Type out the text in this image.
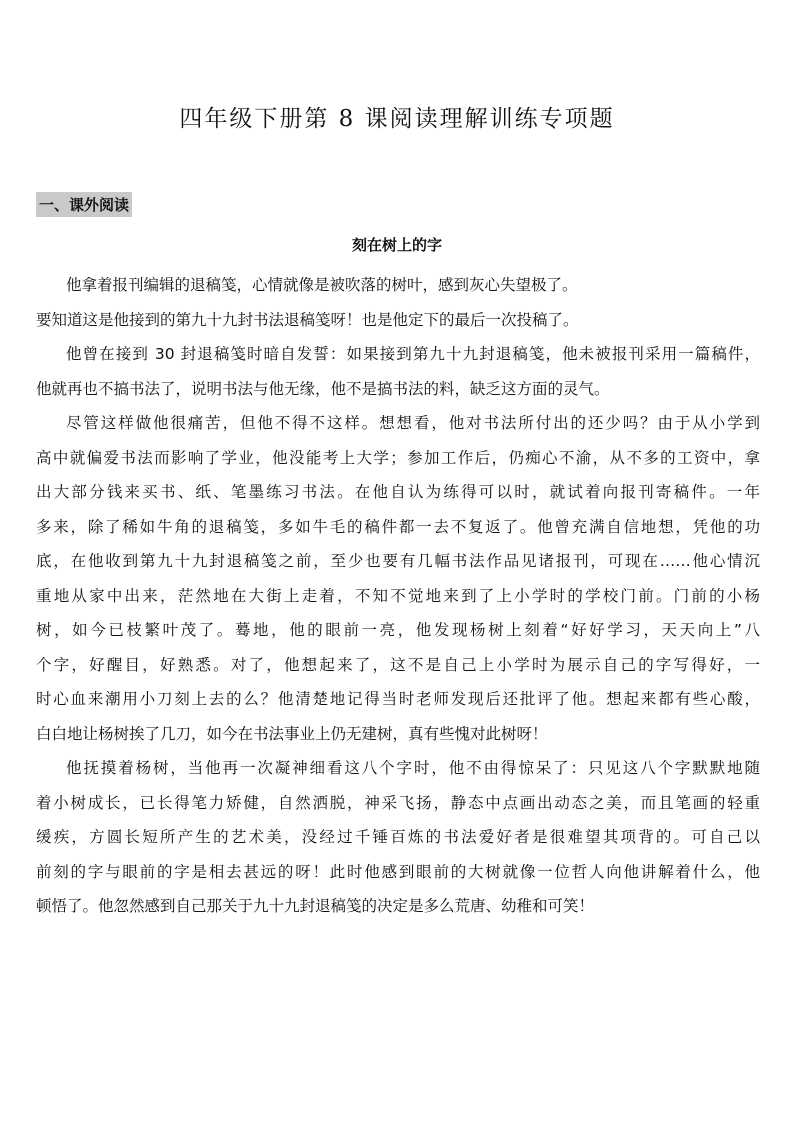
四年级下册第 8 课阅读理解训练专项题
一、课外阅读
刻在树上的字
他拿着报刊编辑的退稿笺，心情就像是被吹落的树叶，感到灰心失望极了。
要知道这是他接到的第九十九封书法退稿笺呀！也是他定下的最后一次投稿了。
他曾在接到 30 封退稿笺时暗自发誓：如果接到第九十九封退稿笺，他未被报刊采用一篇稿件，
他就再也不搞书法了，说明书法与他无缘，他不是搞书法的料，缺乏这方面的灵气。
尽管这样做他很痛苦，但他不得不这样。想想看，他对书法所付出的还少吗？由于从小学到
高中就偏爱书法而影响了学业，他没能考上大学；参加工作后，仍痴心不渝，从不多的工资中，拿
出大部分钱来买书、纸、笔墨练习书法。在他自认为练得可以时，就试着向报刊寄稿件。一年
多来，除了稀如牛角的退稿笺，多如牛毛的稿件都一去不复返了。他曾充满自信地想，凭他的功
底，在他收到第九十九封退稿笺之前，至少也要有几幅书法作品见诸报刊，可现在……他心情沉
重地从家中出来，茫然地在大街上走着，不知不觉地来到了上小学时的学校门前。门前的小杨
树，如今已枝繁叶茂了。蓦地，他的眼前一亮，他发现杨树上刻着“好好学习，天天向上”八
个字，好醒目，好熟悉。对了，他想起来了，这不是自己上小学时为展示自己的字写得好，一
时心血来潮用小刀刻上去的么？他清楚地记得当时老师发现后还批评了他。想起来都有些心酸，
白白地让杨树挨了几刀，如今在书法事业上仍无建树，真有些愧对此树呀！
他抚摸着杨树，当他再一次凝神细看这八个字时，他不由得惊呆了：只见这八个字默默地随
着小树成长，已长得笔力矫健，自然洒脱，神采飞扬，静态中点画出动态之美，而且笔画的轻重
缓疾，方圆长短所产生的艺术美，没经过千锤百炼的书法爱好者是很难望其项背的。可自己以
前刻的字与眼前的字是相去甚远的呀！此时他感到眼前的大树就像一位哲人向他讲解着什么，他
顿悟了。他忽然感到自己那关于九十九封退稿笺的决定是多么荒唐、幼稚和可笑！
